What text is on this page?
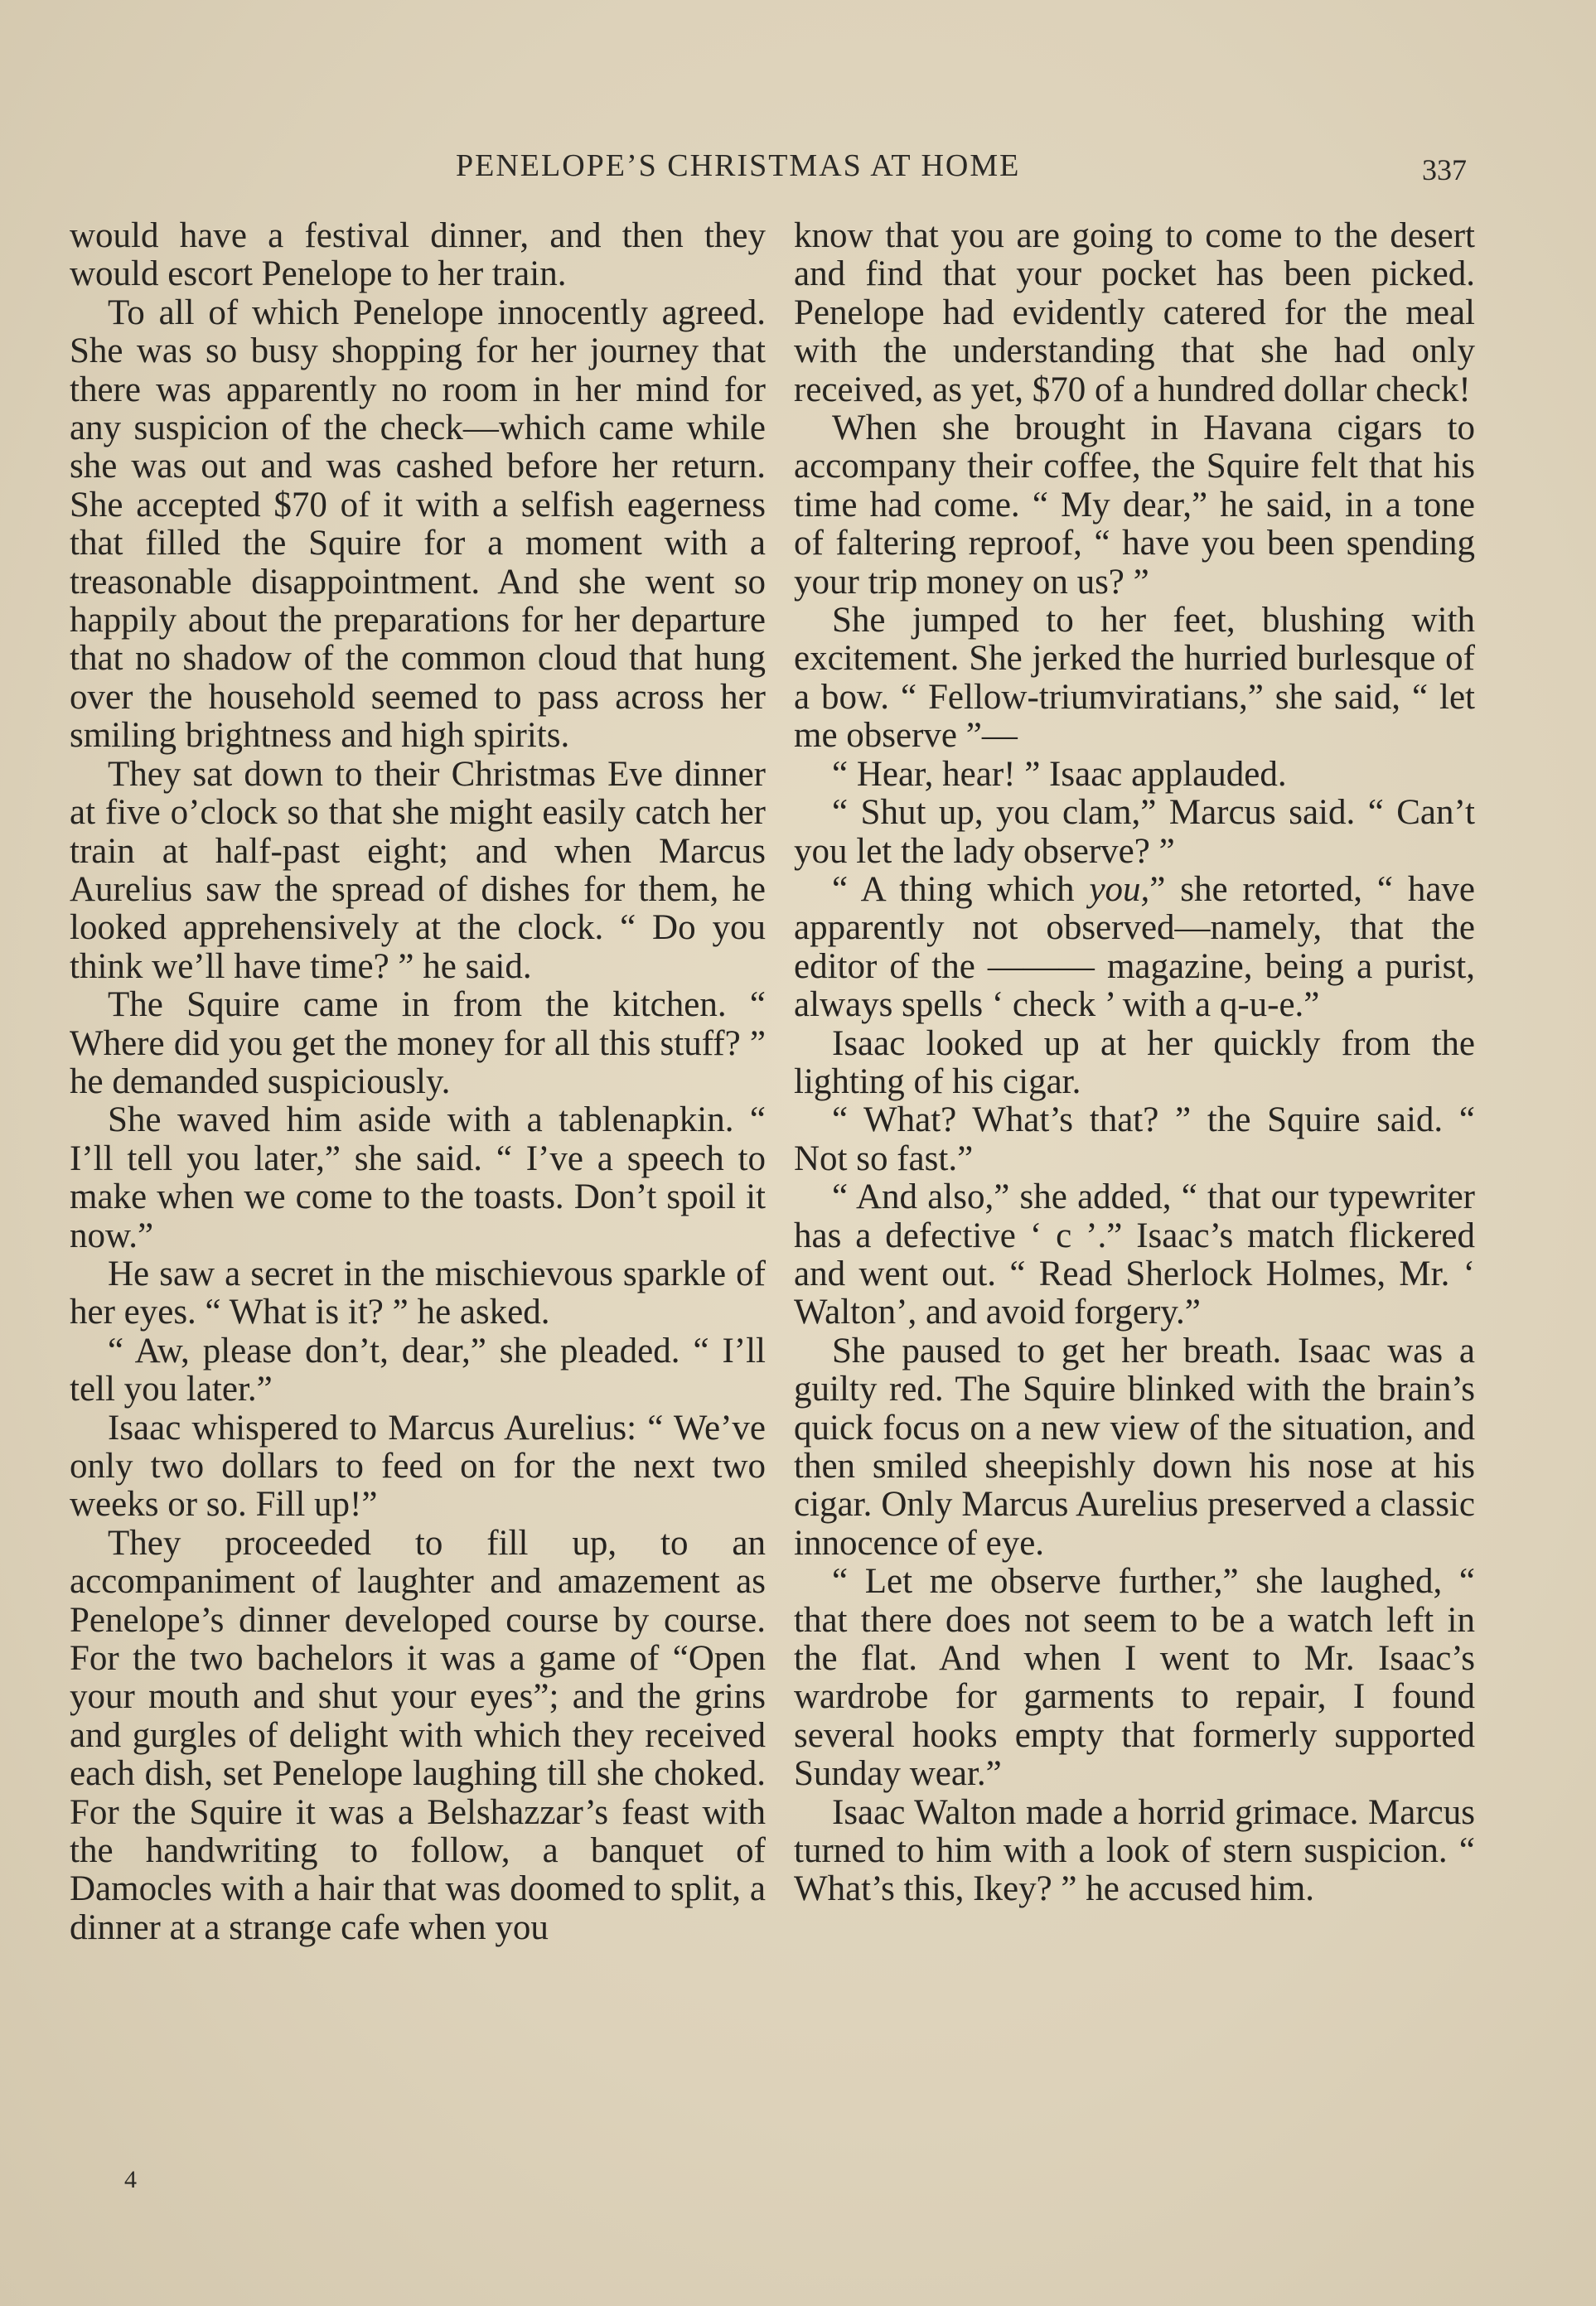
PENELOPE’S CHRISTMAS AT HOME	337

would have a festival dinner, and then they would escort Penelope to her train.

To all of which Penelope innocently agreed. She was so busy shopping for her journey that there was apparently no room in her mind for any suspicion of the check—which came while she was out and was cashed before her return. She accepted $70 of it with a selfish eagerness that filled the Squire for a moment with a treasonable disappointment. And she went so happily about the preparations for her departure that no shadow of the common cloud that hung over the household seemed to pass across her smiling brightness and high spirits.

They sat down to their Christmas Eve dinner at five o’clock so that she might easily catch her train at half-past eight; and when Marcus Aurelius saw the spread of dishes for them, he looked apprehensively at the clock. “ Do you think we’ll have time? ” he said.

The Squire came in from the kitchen. “ Where did you get the money for all this stuff? ” he demanded suspiciously.

She waved him aside with a tablenapkin. “ I’ll tell you later,” she said. “ I’ve a speech to make when we come to the toasts. Don’t spoil it now.”

He saw a secret in the mischievous sparkle of her eyes. “ What is it? ” he asked.

“ Aw, please don’t, dear,” she pleaded. “ I’ll tell you later.”

Isaac whispered to Marcus Aurelius: “ We’ve only two dollars to feed on for the next two weeks or so. Fill up!”

They proceeded to fill up, to an accompaniment of laughter and amazement as Penelope’s dinner developed course by course. For the two bachelors it was a game of “Open your mouth and shut your eyes”; and the grins and gurgles of delight with which they received each dish, set Penelope laughing till she choked. For the Squire it was a Belshazzar’s feast with the handwriting to follow, a banquet of Damocles with a hair that was doomed to split, a dinner at a strange cafe when you

know that you are going to come to the desert and find that your pocket has been picked. Penelope had evidently catered for the meal with the understanding that she had only received, as yet, $70 of a hundred dollar check!

When she brought in Havana cigars to accompany their coffee, the Squire felt that his time had come. “ My dear,” he said, in a tone of faltering reproof, “ have you been spending your trip money on us? ”

She jumped to her feet, blushing with excitement. She jerked the hurried burlesque of a bow. “ Fellow-triumviratians,” she said, “ let me observe ”—

“ Hear, hear! ” Isaac applauded.

“ Shut up, you clam,” Marcus said. “ Can’t you let the lady observe? ”

“ A thing which you,” she retorted, “ have apparently not observed—namely, that the editor of the ——— magazine, being a purist, always spells ‘ check ’ with a q-u-e.”

Isaac looked up at her quickly from the lighting of his cigar.

“ What? What’s that? ” the Squire said. “ Not so fast.”

“ And also,” she added, “ that our typewriter has a defective ‘ c ’.” Isaac’s match flickered and went out. “ Read Sherlock Holmes, Mr. ‘ Walton’, and avoid forgery.”

She paused to get her breath. Isaac was a guilty red. The Squire blinked with the brain’s quick focus on a new view of the situation, and then smiled sheepishly down his nose at his cigar. Only Marcus Aurelius preserved a classic innocence of eye.

“ Let me observe further,” she laughed, “ that there does not seem to be a watch left in the flat. And when I went to Mr. Isaac’s wardrobe for garments to repair, I found several hooks empty that formerly supported Sunday wear.”

Isaac Walton made a horrid grimace. Marcus turned to him with a look of stern suspicion. “ What’s this, Ikey? ” he accused him.

4
